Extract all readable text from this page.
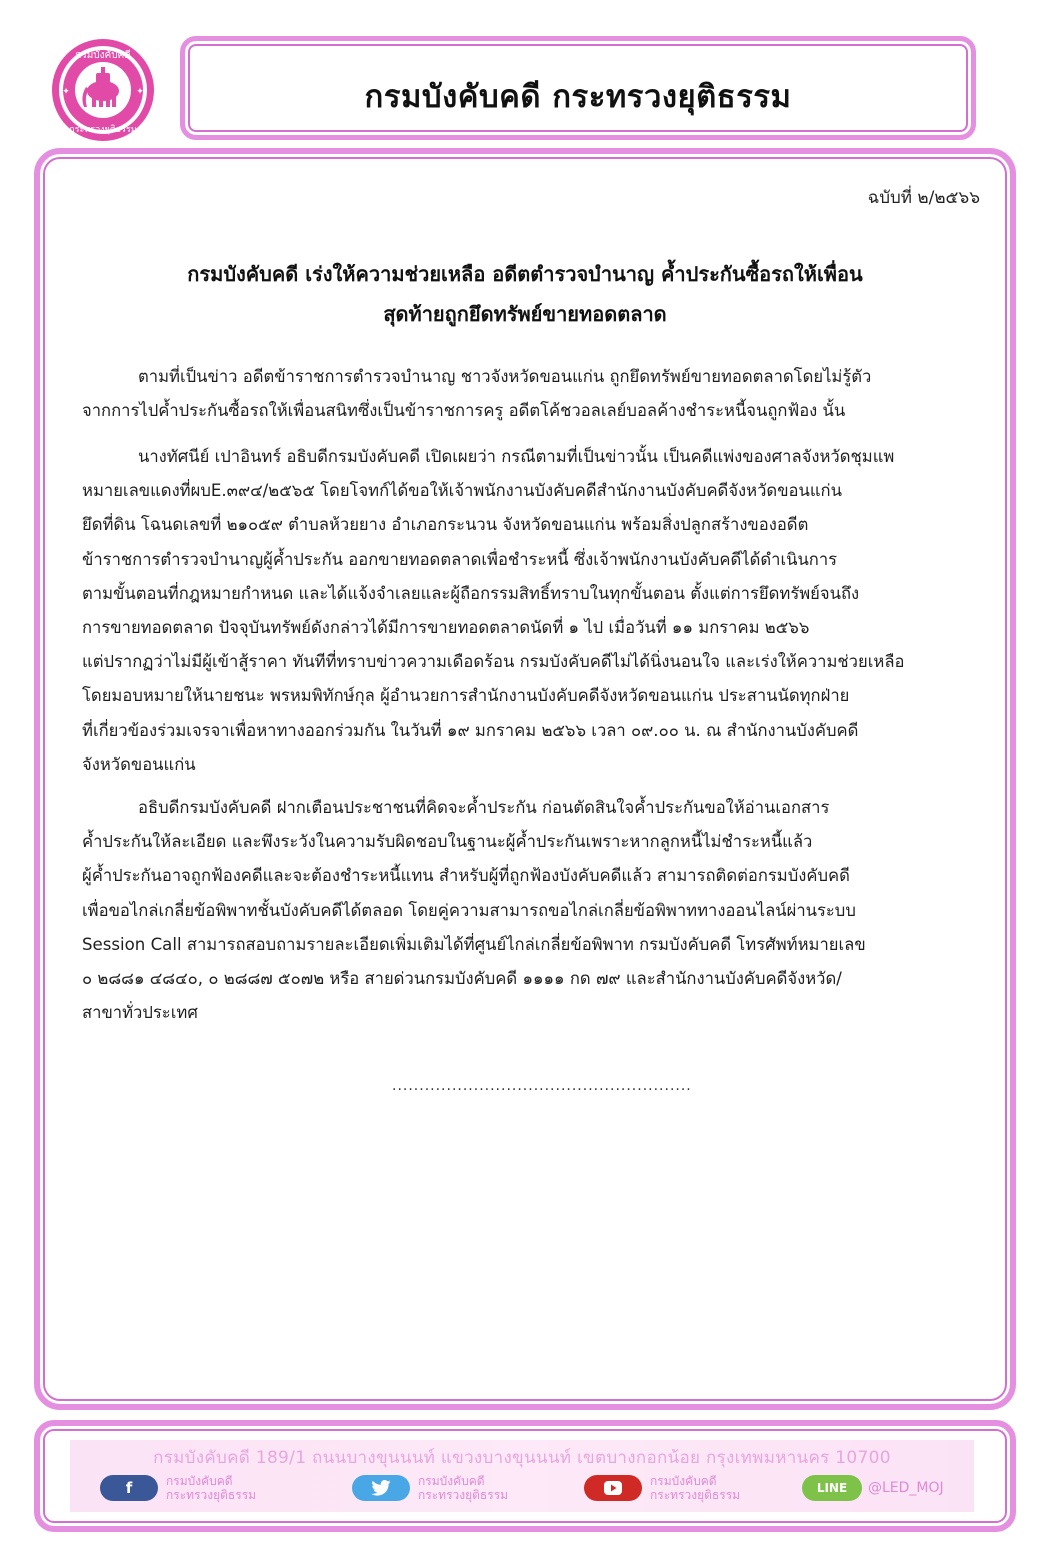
กรมบังคับคดี
กระทรวงยุติธรรม
✦	✦	กรมบังคับคดี กระทรวงยุติธรรม
ฉบับที่ ๒/๒๕๖๖
กรมบังคับคดี เร่งให้ความช่วยเหลือ อดีตตำรวจบำนาญ ค้ำประกันซื้อรถให้เพื่อน
สุดท้ายถูกยึดทรัพย์ขายทอดตลาด
ตามที่เป็นข่าว อดีตข้าราชการตำรวจบำนาญ ชาวจังหวัดขอนแก่น ถูกยึดทรัพย์ขายทอดตลาดโดยไม่รู้ตัว
จากการไปค้ำประกันซื้อรถให้เพื่อนสนิทซึ่งเป็นข้าราชการครู อดีตโค้ชวอลเลย์บอลค้างชำระหนี้จนถูกฟ้อง นั้น
นางทัศนีย์ เปาอินทร์ อธิบดีกรมบังคับคดี เปิดเผยว่า กรณีตามที่เป็นข่าวนั้น เป็นคดีแพ่งของศาลจังหวัดชุมแพ
หมายเลขแดงที่ผบE.๓๙๔/๒๕๖๕ โดยโจทก์ได้ขอให้เจ้าพนักงานบังคับคดีสำนักงานบังคับคดีจังหวัดขอนแก่น
ยึดที่ดิน โฉนดเลขที่ ๒๑๐๕๙ ตำบลห้วยยาง อำเภอกระนวน จังหวัดขอนแก่น พร้อมสิ่งปลูกสร้างของอดีต
ข้าราชการตำรวจบำนาญผู้ค้ำประกัน ออกขายทอดตลาดเพื่อชำระหนี้ ซึ่งเจ้าพนักงานบังคับคดีได้ดำเนินการ
ตามขั้นตอนที่กฎหมายกำหนด และได้แจ้งจำเลยและผู้ถือกรรมสิทธิ์ทราบในทุกขั้นตอน ตั้งแต่การยึดทรัพย์จนถึง
การขายทอดตลาด ปัจจุบันทรัพย์ดังกล่าวได้มีการขายทอดตลาดนัดที่ ๑ ไป เมื่อวันที่ ๑๑ มกราคม ๒๕๖๖
แต่ปรากฏว่าไม่มีผู้เข้าสู้ราคา ทันทีที่ทราบข่าวความเดือดร้อน กรมบังคับคดีไม่ได้นิ่งนอนใจ และเร่งให้ความช่วยเหลือ
โดยมอบหมายให้นายชนะ พรหมพิทักษ์กุล ผู้อำนวยการสำนักงานบังคับคดีจังหวัดขอนแก่น ประสานนัดทุกฝ่าย
ที่เกี่ยวข้องร่วมเจรจาเพื่อหาทางออกร่วมกัน ในวันที่ ๑๙ มกราคม ๒๕๖๖ เวลา ๐๙.๐๐ น. ณ สำนักงานบังคับคดี
จังหวัดขอนแก่น
อธิบดีกรมบังคับคดี ฝากเตือนประชาชนที่คิดจะค้ำประกัน ก่อนตัดสินใจค้ำประกันขอให้อ่านเอกสาร
ค้ำประกันให้ละเอียด และพึงระวังในความรับผิดชอบในฐานะผู้ค้ำประกันเพราะหากลูกหนี้ไม่ชำระหนี้แล้ว
ผู้ค้ำประกันอาจถูกฟ้องคดีและจะต้องชำระหนี้แทน สำหรับผู้ที่ถูกฟ้องบังคับคดีแล้ว สามารถติดต่อกรมบังคับคดี
เพื่อขอไกล่เกลี่ยข้อพิพาทชั้นบังคับคดีได้ตลอด โดยคู่ความสามารถขอไกล่เกลี่ยข้อพิพาททางออนไลน์ผ่านระบบ
Session Call สามารถสอบถามรายละเอียดเพิ่มเติมได้ที่ศูนย์ไกล่เกลี่ยข้อพิพาท กรมบังคับคดี โทรศัพท์หมายเลข
๐ ๒๘๘๑ ๔๘๔๐, ๐ ๒๘๘๗ ๕๐๗๒ หรือ สายด่วนกรมบังคับคดี ๑๑๑๑ กด ๗๙ และสำนักงานบังคับคดีจังหวัด/
สาขาทั่วประเทศ
.......................................................
กรมบังคับคดี 189/1 ถนนบางขุนนนท์ แขวงบางขุนนนท์ เขตบางกอกน้อย กรุงเทพมหานคร 10700
f	กรมบังคับคดี
กระทรวงยุติธรรม
กรมบังคับคดี
กระทรวงยุติธรรม
กรมบังคับคดี
กระทรวงยุติธรรม	LINE	@LED_MOJ
